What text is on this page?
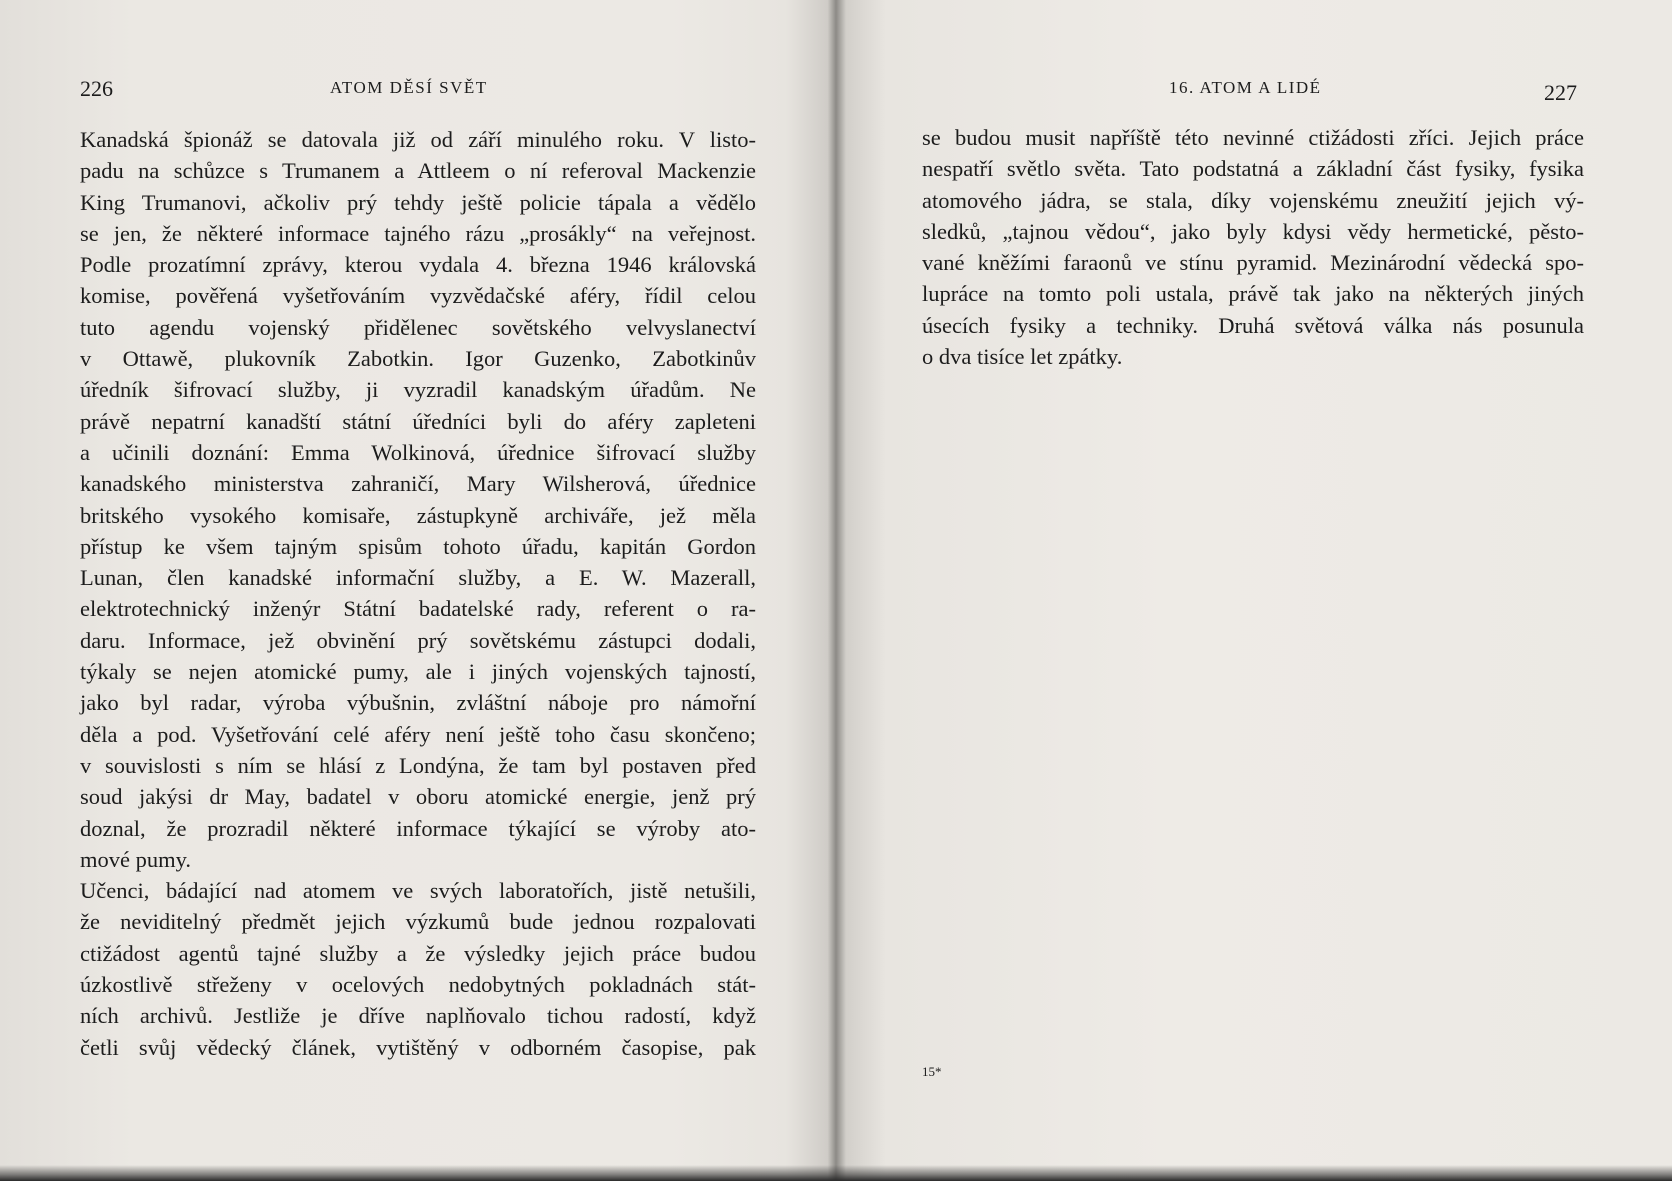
226	ATOM DĚSÍ SVĚT
Kanadská špionáž se datovala již od září minulého roku. V listo-
padu na schůzce s Trumanem a Attleem o ní referoval Mackenzie
King Trumanovi, ačkoliv prý tehdy ještě policie tápala a vědělo
se jen, že některé informace tajného rázu „prosákly“ na veřejnost.
Podle prozatímní zprávy, kterou vydala 4. března 1946 královská
komise, pověřená vyšetřováním vyzvědačské aféry, řídil celou
tuto agendu vojenský přidělenec sovětského velvyslanectví
v Ottawě, plukovník Zabotkin. Igor Guzenko, Zabotkinův
úředník šifrovací služby, ji vyzradil kanadským úřadům. Ne
právě nepatrní kanadští státní úředníci byli do aféry zapleteni
a učinili doznání: Emma Wolkinová, úřednice šifrovací služby
kanadského ministerstva zahraničí, Mary Wilsherová, úřednice
britského vysokého komisaře, zástupkyně archiváře, jež měla
přístup ke všem tajným spisům tohoto úřadu, kapitán Gordon
Lunan, člen kanadské informační služby, a E. W. Mazerall,
elektrotechnický inženýr Státní badatelské rady, referent o ra-
daru. Informace, jež obvinění prý sovětskému zástupci dodali,
týkaly se nejen atomické pumy, ale i jiných vojenských tajností,
jako byl radar, výroba výbušnin, zvláštní náboje pro námořní
děla a pod. Vyšetřování celé aféry není ještě toho času skončeno;
v souvislosti s ním se hlásí z Londýna, že tam byl postaven před
soud jakýsi dr May, badatel v oboru atomické energie, jenž prý
doznal, že prozradil některé informace týkající se výroby ato-
mové pumy.
Učenci, bádající nad atomem ve svých laboratořích, jistě netušili,
že neviditelný předmět jejich výzkumů bude jednou rozpalovati
ctižádost agentů tajné služby a že výsledky jejich práce budou
úzkostlivě střeženy v ocelových nedobytných pokladnách stát-
ních archivů. Jestliže je dříve naplňovalo tichou radostí, když
četli svůj vědecký článek, vytištěný v odborném časopise, pak
16. ATOM A LIDÉ	227
se budou musit napříště této nevinné ctižádosti zříci. Jejich práce
nespatří světlo světa. Tato podstatná a základní část fysiky, fysika
atomového jádra, se stala, díky vojenskému zneužití jejich vý-
sledků, „tajnou vědou“, jako byly kdysi vědy hermetické, pěsto-
vané kněžími faraonů ve stínu pyramid. Mezinárodní vědecká spo-
lupráce na tomto poli ustala, právě tak jako na některých jiných
úsecích fysiky a techniky. Druhá světová válka nás posunula
o dva tisíce let zpátky.
15*
